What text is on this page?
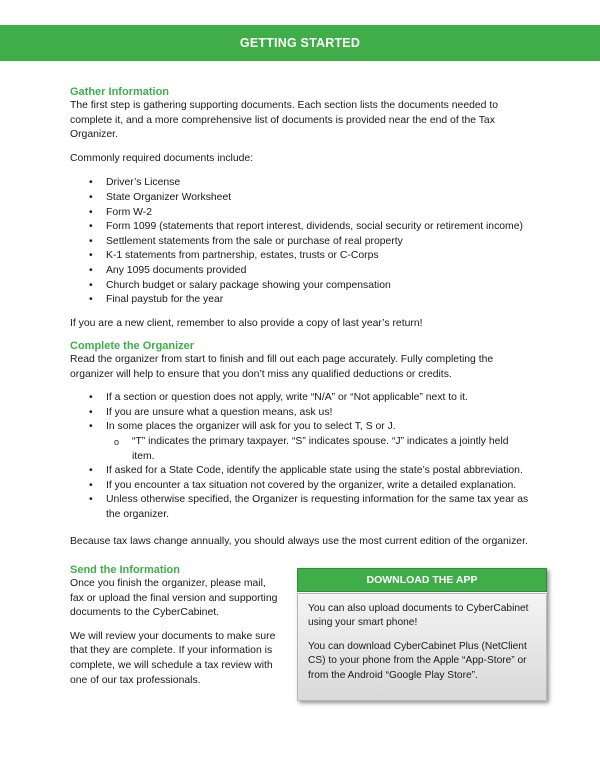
GETTING STARTED
Gather Information

The first step is gathering supporting documents. Each section lists the documents needed to complete it, and a more comprehensive list of documents is provided near the end of the Tax Organizer.

Commonly required documents include:

• Driver’s License
• State Organizer Worksheet
• Form W-2
• Form 1099 (statements that report interest, dividends, social security or retirement income)
• Settlement statements from the sale or purchase of real property
• K-1 statements from partnership, estates, trusts or C-Corps
• Any 1095 documents provided
• Church budget or salary package showing your compensation
• Final paystub for the year

If you are a new client, remember to also provide a copy of last year’s return!

Complete the Organizer

Read the organizer from start to finish and fill out each page accurately. Fully completing the organizer will help to ensure that you don’t miss any qualified deductions or credits.

• If a section or question does not apply, write “N/A” or “Not applicable” next to it.
• If you are unsure what a question means, ask us!
• In some places the organizer will ask for you to select T, S or J.
o “T” indicates the primary taxpayer. “S” indicates spouse. “J” indicates a jointly held item.
• If asked for a State Code, identify the applicable state using the state’s postal abbreviation.
• If you encounter a tax situation not covered by the organizer, write a detailed explanation.
• Unless otherwise specified, the Organizer is requesting information for the same tax year as the organizer.

Because tax laws change annually, you should always use the most current edition of the organizer.

Send the Information

Once you finish the organizer, please mail, fax or upload the final version and supporting documents to the CyberCabinet.

We will review your documents to make sure that they are complete. If your information is complete, we will schedule a tax review with one of our tax professionals.

DOWNLOAD THE APP

You can also upload documents to CyberCabinet using your smart phone!

You can download CyberCabinet Plus (NetClient CS) to your phone from the Apple “App-Store” or from the Android “Google Play Store”.
